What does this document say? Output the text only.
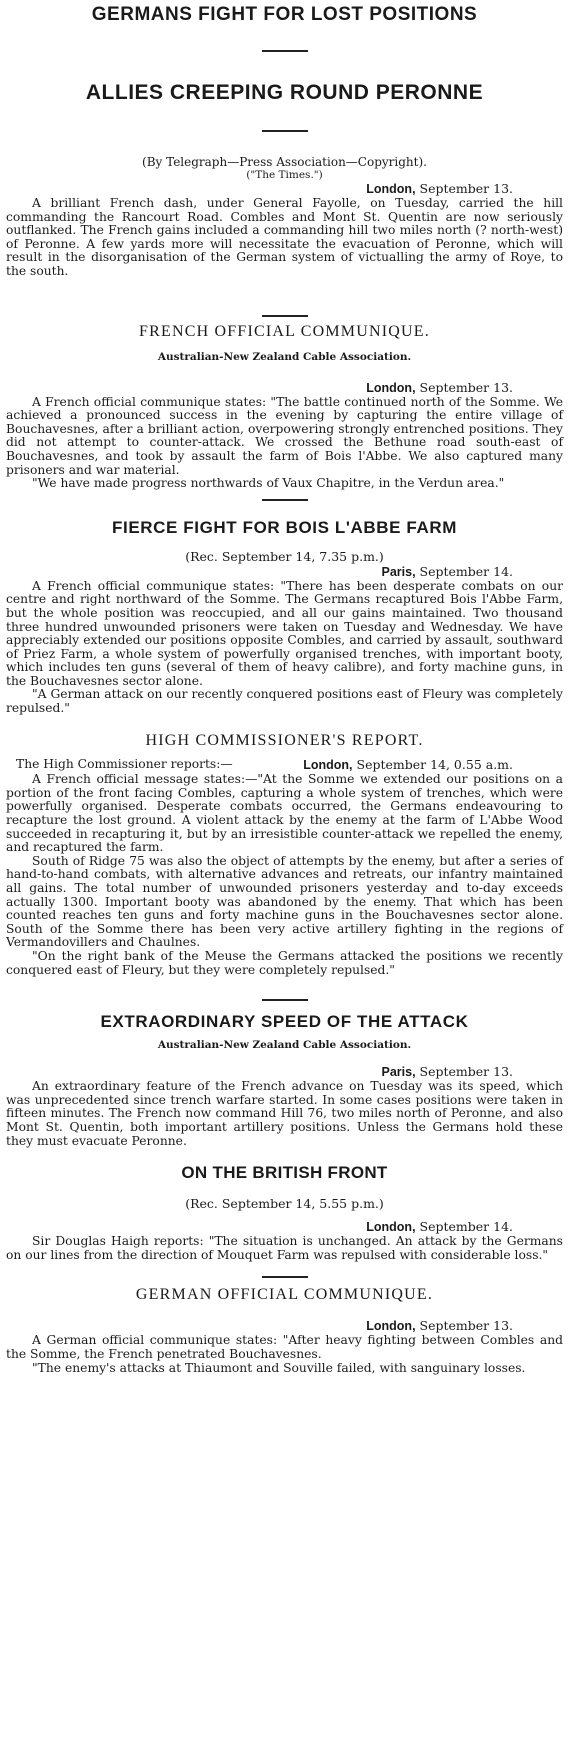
GERMANS FIGHT FOR LOST POSITIONS
ALLIES CREEPING ROUND PERONNE
(By Telegraph—Press Association—Copyright).
("The Times.")
London, September 13.

A brilliant French dash, under General Fayolle, on Tuesday, carried the hill commanding the Rancourt Road. Combles and Mont St. Quentin are now seriously outflanked. The French gains included a commanding hill two miles north (? north-west) of Peronne. A few yards more will necessitate the evacuation of Peronne, which will result in the disorganisation of the German system of victualling the army of Roye, to the south.

FRENCH OFFICIAL COMMUNIQUE.
Australian-New Zealand Cable Association.
London, September 13.

A French official communique states: "The battle continued north of the Somme. We achieved a pronounced success in the evening by capturing the entire village of Bouchavesnes, after a brilliant action, overpowering strongly entrenched positions. They did not attempt to counter-attack. We crossed the Bethune road south-east of Bouchavesnes, and took by assault the farm of Bois l'Abbe. We also captured many prisoners and war material.

"We have made progress northwards of Vaux Chapitre, in the Verdun area."

FIERCE FIGHT FOR BOIS L'ABBE FARM
(Rec. September 14, 7.35 p.m.)
Paris, September 14.

A French official communique states: "There has been desperate combats on our centre and right northward of the Somme. The Germans recaptured Bois l'Abbe Farm, but the whole position was reoccupied, and all our gains maintained. Two thousand three hundred unwounded prisoners were taken on Tuesday and Wednesday. We have appreciably extended our positions opposite Combles, and carried by assault, southward of Priez Farm, a whole system of powerfully organised trenches, with important booty, which includes ten guns (several of them of heavy calibre), and forty machine guns, in the Bouchavesnes sector alone.

"A German attack on our recently conquered positions east of Fleury was completely repulsed."

HIGH COMMISSIONER'S REPORT.

The High Commissioner reports:—	London, September 14, 0.55 a.m.

A French official message states:—"At the Somme we extended our positions on a portion of the front facing Combles, capturing a whole system of trenches, which were powerfully organised. Desperate combats occurred, the Germans endeavouring to recapture the lost ground. A violent attack by the enemy at the farm of L'Abbe Wood succeeded in recapturing it, but by an irresistible counter-attack we repelled the enemy, and recaptured the farm.

South of Ridge 75 was also the object of attempts by the enemy, but after a series of hand-to-hand combats, with alternative advances and retreats, our infantry maintained all gains. The total number of unwounded prisoners yesterday and to-day exceeds actually 1300. Important booty was abandoned by the enemy. That which has been counted reaches ten guns and forty machine guns in the Bouchavesnes sector alone. South of the Somme there has been very active artillery fighting in the regions of Vermandovillers and Chaulnes.

"On the right bank of the Meuse the Germans attacked the positions we recently conquered east of Fleury, but they were completely repulsed."

EXTRAORDINARY SPEED OF THE ATTACK
Australian-New Zealand Cable Association.
Paris, September 13.

An extraordinary feature of the French advance on Tuesday was its speed, which was unprecedented since trench warfare started. In some cases positions were taken in fifteen minutes. The French now command Hill 76, two miles north of Peronne, and also Mont St. Quentin, both important artillery positions. Unless the Germans hold these they must evacuate Peronne.

ON THE BRITISH FRONT
(Rec. September 14, 5.55 p.m.)
London, September 14.

Sir Douglas Haigh reports: "The situation is unchanged. An attack by the Germans on our lines from the direction of Mouquet Farm was repulsed with considerable loss."

GERMAN OFFICIAL COMMUNIQUE.
London, September 13.

A German official communique states: "After heavy fighting between Combles and the Somme, the French penetrated Bouchavesnes.

"The enemy's attacks at Thiaumont and Souville failed, with sanguinary losses.
